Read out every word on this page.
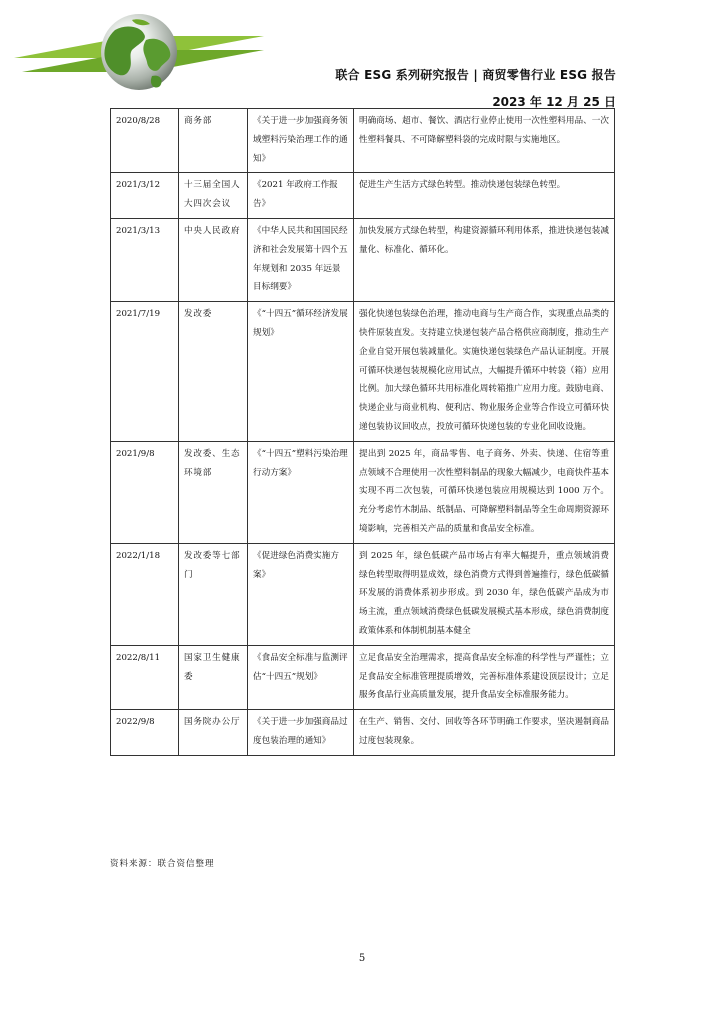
联合 ESG 系列研究报告 | 商贸零售行业 ESG 报告
2023 年 12 月 25 日
2020/8/28	商务部	《关于进一步加强商务领域塑料污染治理工作的通知》	明确商场、超市、餐饮、酒店行业停止使用一次性塑料用品、一次性塑料餐具、不可降解塑料袋的完成时限与实施地区。
2021/3/12	十三届全国人大四次会议	《2021 年政府工作报告》	促进生产生活方式绿色转型。推动快递包装绿色转型。
2021/3/13	中央人民政府	《中华人民共和国国民经济和社会发展第十四个五年规划和 2035 年远景目标纲要》	加快发展方式绿色转型，构建资源循环利用体系，推进快递包装减量化、标准化、循环化。
2021/7/19	发改委	《“十四五”循环经济发展规划》	强化快递包装绿色治理，推动电商与生产商合作，实现重点品类的快件原装直发。支持建立快递包装产品合格供应商制度，推动生产企业自觉开展包装减量化。实施快递包装绿色产品认证制度。开展可循环快递包装规模化应用试点，大幅提升循环中转袋（箱）应用比例。加大绿色循环共用标准化周转箱推广应用力度。鼓励电商、快递企业与商业机构、便利店、物业服务企业等合作设立可循环快递包装协议回收点，投放可循环快递包装的专业化回收设施。
2021/9/8	发改委、生态环境部	《“十四五”塑料污染治理行动方案》	提出到 2025 年，商品零售、电子商务、外卖、快递、住宿等重点领域不合理使用一次性塑料制品的现象大幅减少，电商快件基本实现不再二次包装，可循环快递包装应用规模达到 1000 万个。充分考虑竹木制品、纸制品、可降解塑料制品等全生命周期资源环境影响，完善相关产品的质量和食品安全标准。
2022/1/18	发改委等七部门	《促进绿色消费实施方案》	到 2025 年，绿色低碳产品市场占有率大幅提升，重点领域消费绿色转型取得明显成效，绿色消费方式得到普遍推行，绿色低碳循环发展的消费体系初步形成。到 2030 年，绿色低碳产品成为市场主流，重点领域消费绿色低碳发展模式基本形成，绿色消费制度政策体系和体制机制基本健全
2022/8/11	国家卫生健康委	《食品安全标准与监测评估“十四五”规划》	立足食品安全治理需求，提高食品安全标准的科学性与严谨性；立足食品安全标准管理提质增效，完善标准体系建设顶层设计；立足服务食品行业高质量发展，提升食品安全标准服务能力。
2022/9/8	国务院办公厅	《关于进一步加强商品过度包装治理的通知》	在生产、销售、交付、回收等各环节明确工作要求，坚决遏制商品过度包装现象。
资料来源：联合资信整理
5
